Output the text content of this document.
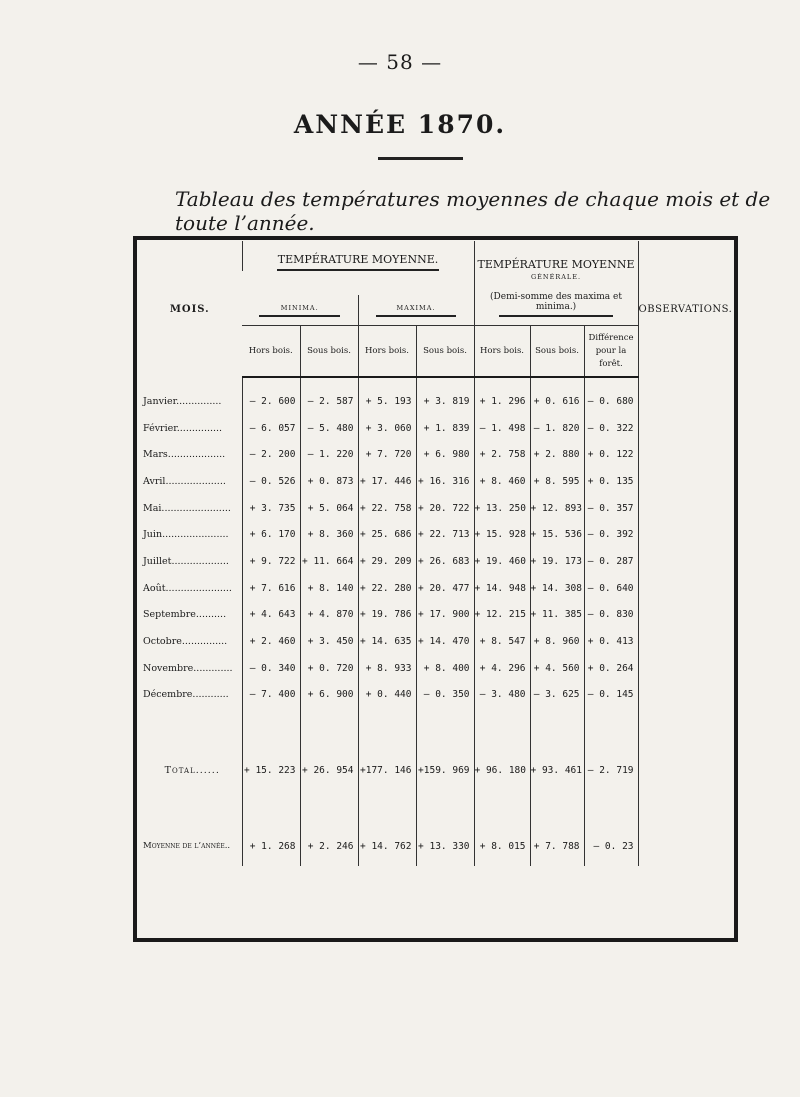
— 58 —
ANNÉE 1870.
Tableau des températures moyennes de chaque mois et de toute l’année.
MOIS.	TEMPÉRATURE MOYENNE.				TEMPÉRATURE MOYENNE			OBSERVATIONS.
					GÉNÉRALE.			
					(Demi-somme des maxima et minima.)			

	MINIMA.		MAXIMA.					

	Hors bois.	Sous bois.	Hors bois.	Sous bois.	Hors bois.	Sous bois.	Différence pour la forêt.	

Janvier...............	— 2. 600	— 2. 587	+ 5. 193	+ 3. 819	+ 1. 296	+ 0. 616	— 0. 680	
Février...............	— 6. 057	— 5. 480	+ 3. 060	+ 1. 839	— 1. 498	— 1. 820	— 0. 322	
Mars...................	— 2. 200	— 1. 220	+ 7. 720	+ 6. 980	+ 2. 758	+ 2. 880	+ 0. 122	
Avril....................	— 0. 526	+ 0. 873	+ 17. 446	+ 16. 316	+ 8. 460	+ 8. 595	+ 0. 135	
Mai.......................	+ 3. 735	+ 5. 064	+ 22. 758	+ 20. 722	+ 13. 250	+ 12. 893	— 0. 357	
Juin......................	+ 6. 170	+ 8. 360	+ 25. 686	+ 22. 713	+ 15. 928	+ 15. 536	— 0. 392	
Juillet...................	+ 9. 722	+ 11. 664	+ 29. 209	+ 26. 683	+ 19. 460	+ 19. 173	— 0. 287	
Août......................	+ 7. 616	+ 8. 140	+ 22. 280	+ 20. 477	+ 14. 948	+ 14. 308	— 0. 640	
Septembre..........	+ 4. 643	+ 4. 870	+ 19. 786	+ 17. 900	+ 12. 215	+ 11. 385	— 0. 830	
Octobre...............	+ 2. 460	+ 3. 450	+ 14. 635	+ 14. 470	+ 8. 547	+ 8. 960	+ 0. 413	
Novembre.............	— 0. 340	+ 0. 720	+ 8. 933	+ 8. 400	+ 4. 296	+ 4. 560	+ 0. 264	
Décembre............	— 7. 400	+ 6. 900	+ 0. 440	— 0. 350	— 3. 480	— 3. 625	— 0. 145	

Total......	+ 15. 223	+ 26. 954	+177. 146	+159. 969	+ 96. 180	+ 93. 461	— 2. 719	

Moyenne de l’année..	+ 1. 268	+ 2. 246	+ 14. 762	+ 13. 330	+ 8. 015	+ 7. 788	— 0. 23	
